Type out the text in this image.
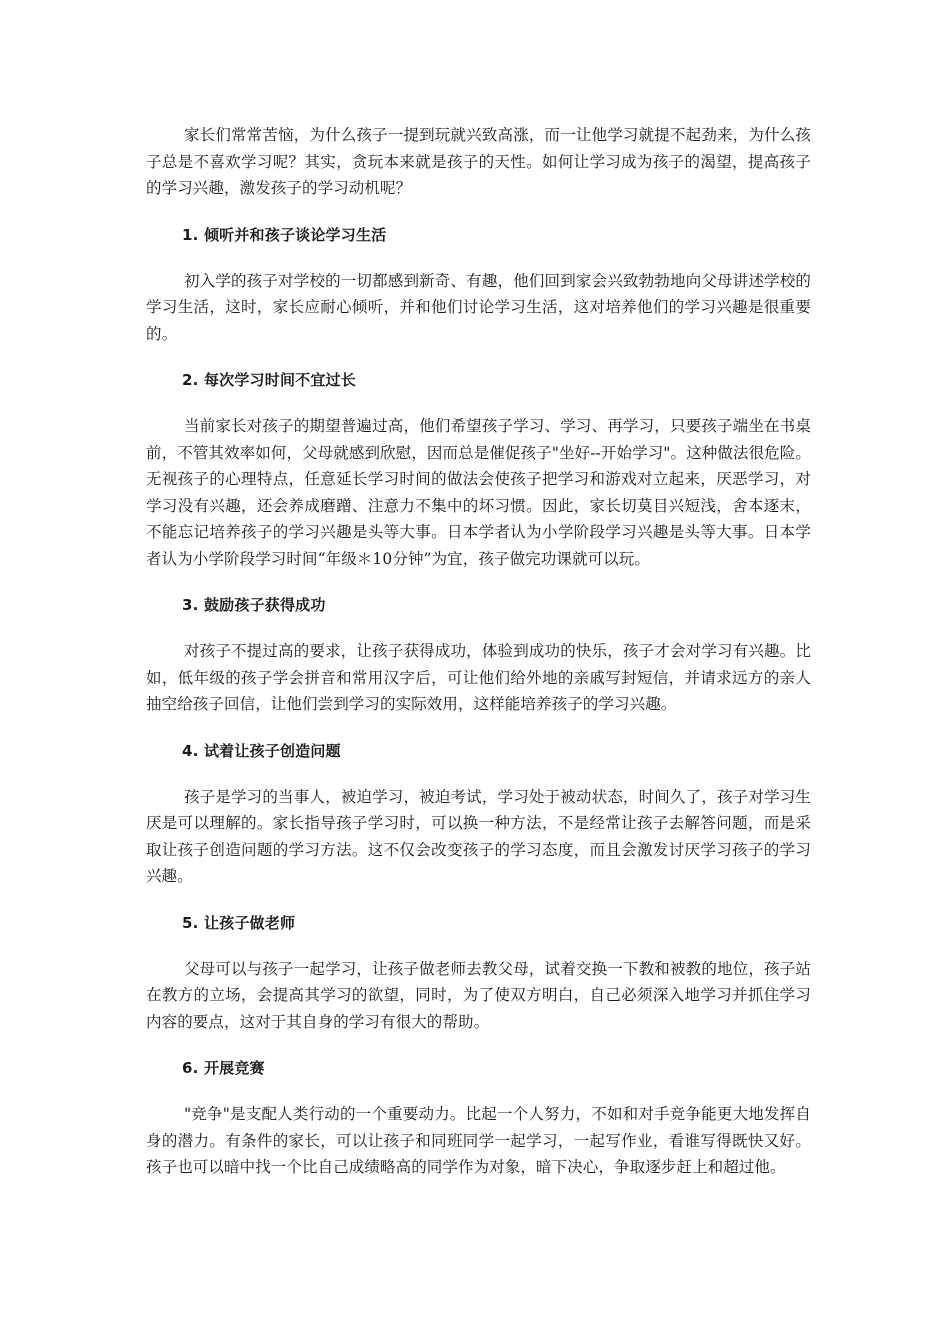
家长们常常苦恼，为什么孩子一提到玩就兴致高涨，而一让他学习就提不起劲来，为什么孩子总是不喜欢学习呢？其实，贪玩本来就是孩子的天性。如何让学习成为孩子的渴望，提高孩子的学习兴趣，激发孩子的学习动机呢？

1. 倾听并和孩子谈论学习生活

初入学的孩子对学校的一切都感到新奇、有趣，他们回到家会兴致勃勃地向父母讲述学校的学习生活，这时，家长应耐心倾听，并和他们讨论学习生活，这对培养他们的学习兴趣是很重要的。

2. 每次学习时间不宜过长

当前家长对孩子的期望普遍过高，他们希望孩子学习、学习、再学习，只要孩子端坐在书桌前，不管其效率如何，父母就感到欣慰，因而总是催促孩子"坐好--开始学习"。这种做法很危险。无视孩子的心理特点，任意延长学习时间的做法会使孩子把学习和游戏对立起来，厌恶学习，对学习没有兴趣，还会养成磨蹭、注意力不集中的坏习惯。因此，家长切莫目兴短浅，舍本逐末，不能忘记培养孩子的学习兴趣是头等大事。日本学者认为小学阶段学习兴趣是头等大事。日本学者认为小学阶段学习时间“年级＊10分钟”为宜，孩子做完功课就可以玩。

3. 鼓励孩子获得成功

对孩子不提过高的要求，让孩子获得成功，体验到成功的快乐，孩子才会对学习有兴趣。比如，低年级的孩子学会拼音和常用汉字后，可让他们给外地的亲戚写封短信，并请求远方的亲人抽空给孩子回信，让他们尝到学习的实际效用，这样能培养孩子的学习兴趣。

4. 试着让孩子创造问题

孩子是学习的当事人，被迫学习，被迫考试，学习处于被动状态，时间久了，孩子对学习生厌是可以理解的。家长指导孩子学习时，可以换一种方法，不是经常让孩子去解答问题，而是采取让孩子创造问题的学习方法。这不仅会改变孩子的学习态度，而且会激发讨厌学习孩子的学习兴趣。

5. 让孩子做老师

父母可以与孩子一起学习，让孩子做老师去教父母，试着交换一下教和被教的地位，孩子站在教方的立场，会提高其学习的欲望，同时，为了使双方明白，自己必须深入地学习并抓住学习内容的要点，这对于其自身的学习有很大的帮助。

6. 开展竞赛

"竞争"是支配人类行动的一个重要动力。比起一个人努力，不如和对手竞争能更大地发挥自身的潜力。有条件的家长，可以让孩子和同班同学一起学习，一起写作业，看谁写得既快又好。孩子也可以暗中找一个比自己成绩略高的同学作为对象，暗下决心，争取逐步赶上和超过他。
